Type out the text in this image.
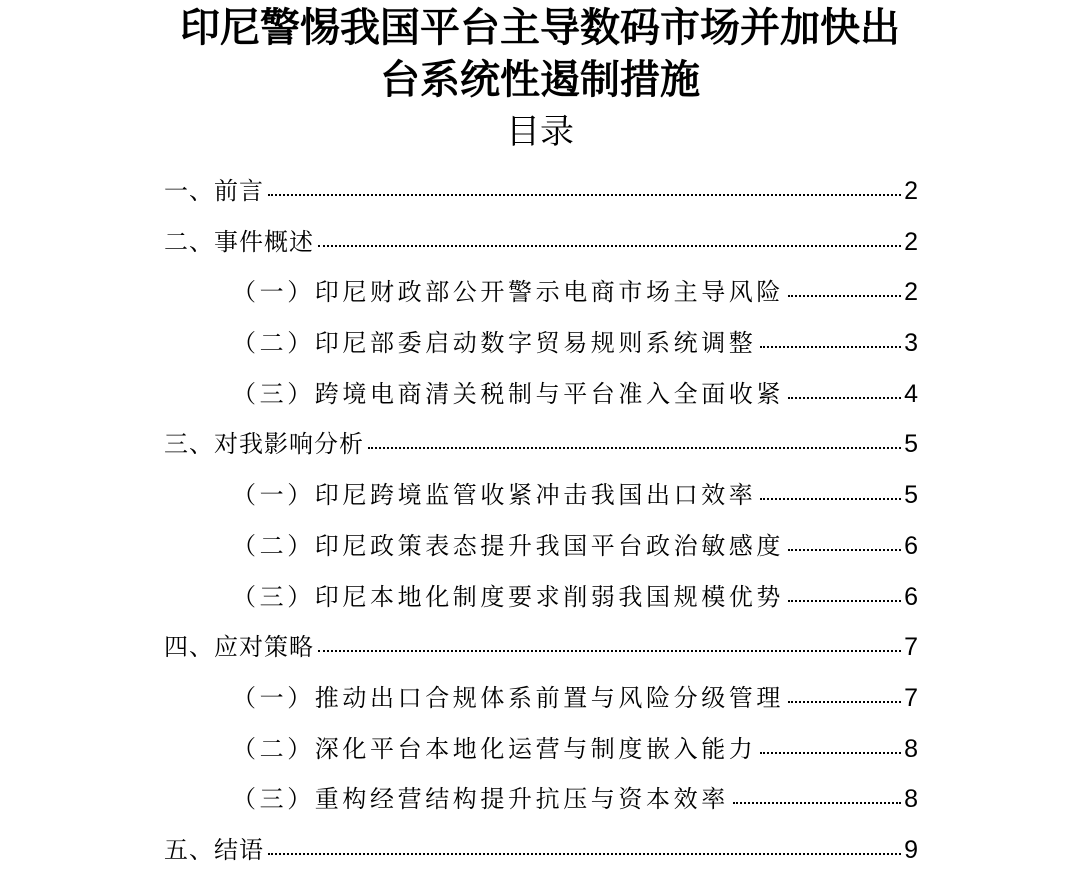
印尼警惕我国平台主导数码市场并加快出
台系统性遏制措施
目录
一、前言	2
二、事件概述	2
（一）印尼财政部公开警示电商市场主导风险	2
（二）印尼部委启动数字贸易规则系统调整	3
（三）跨境电商清关税制与平台准入全面收紧	4
三、对我影响分析	5
（一）印尼跨境监管收紧冲击我国出口效率	5
（二）印尼政策表态提升我国平台政治敏感度	6
（三）印尼本地化制度要求削弱我国规模优势	6
四、应对策略	7
（一）推动出口合规体系前置与风险分级管理	7
（二）深化平台本地化运营与制度嵌入能力	8
（三）重构经营结构提升抗压与资本效率	8
五、结语	9
